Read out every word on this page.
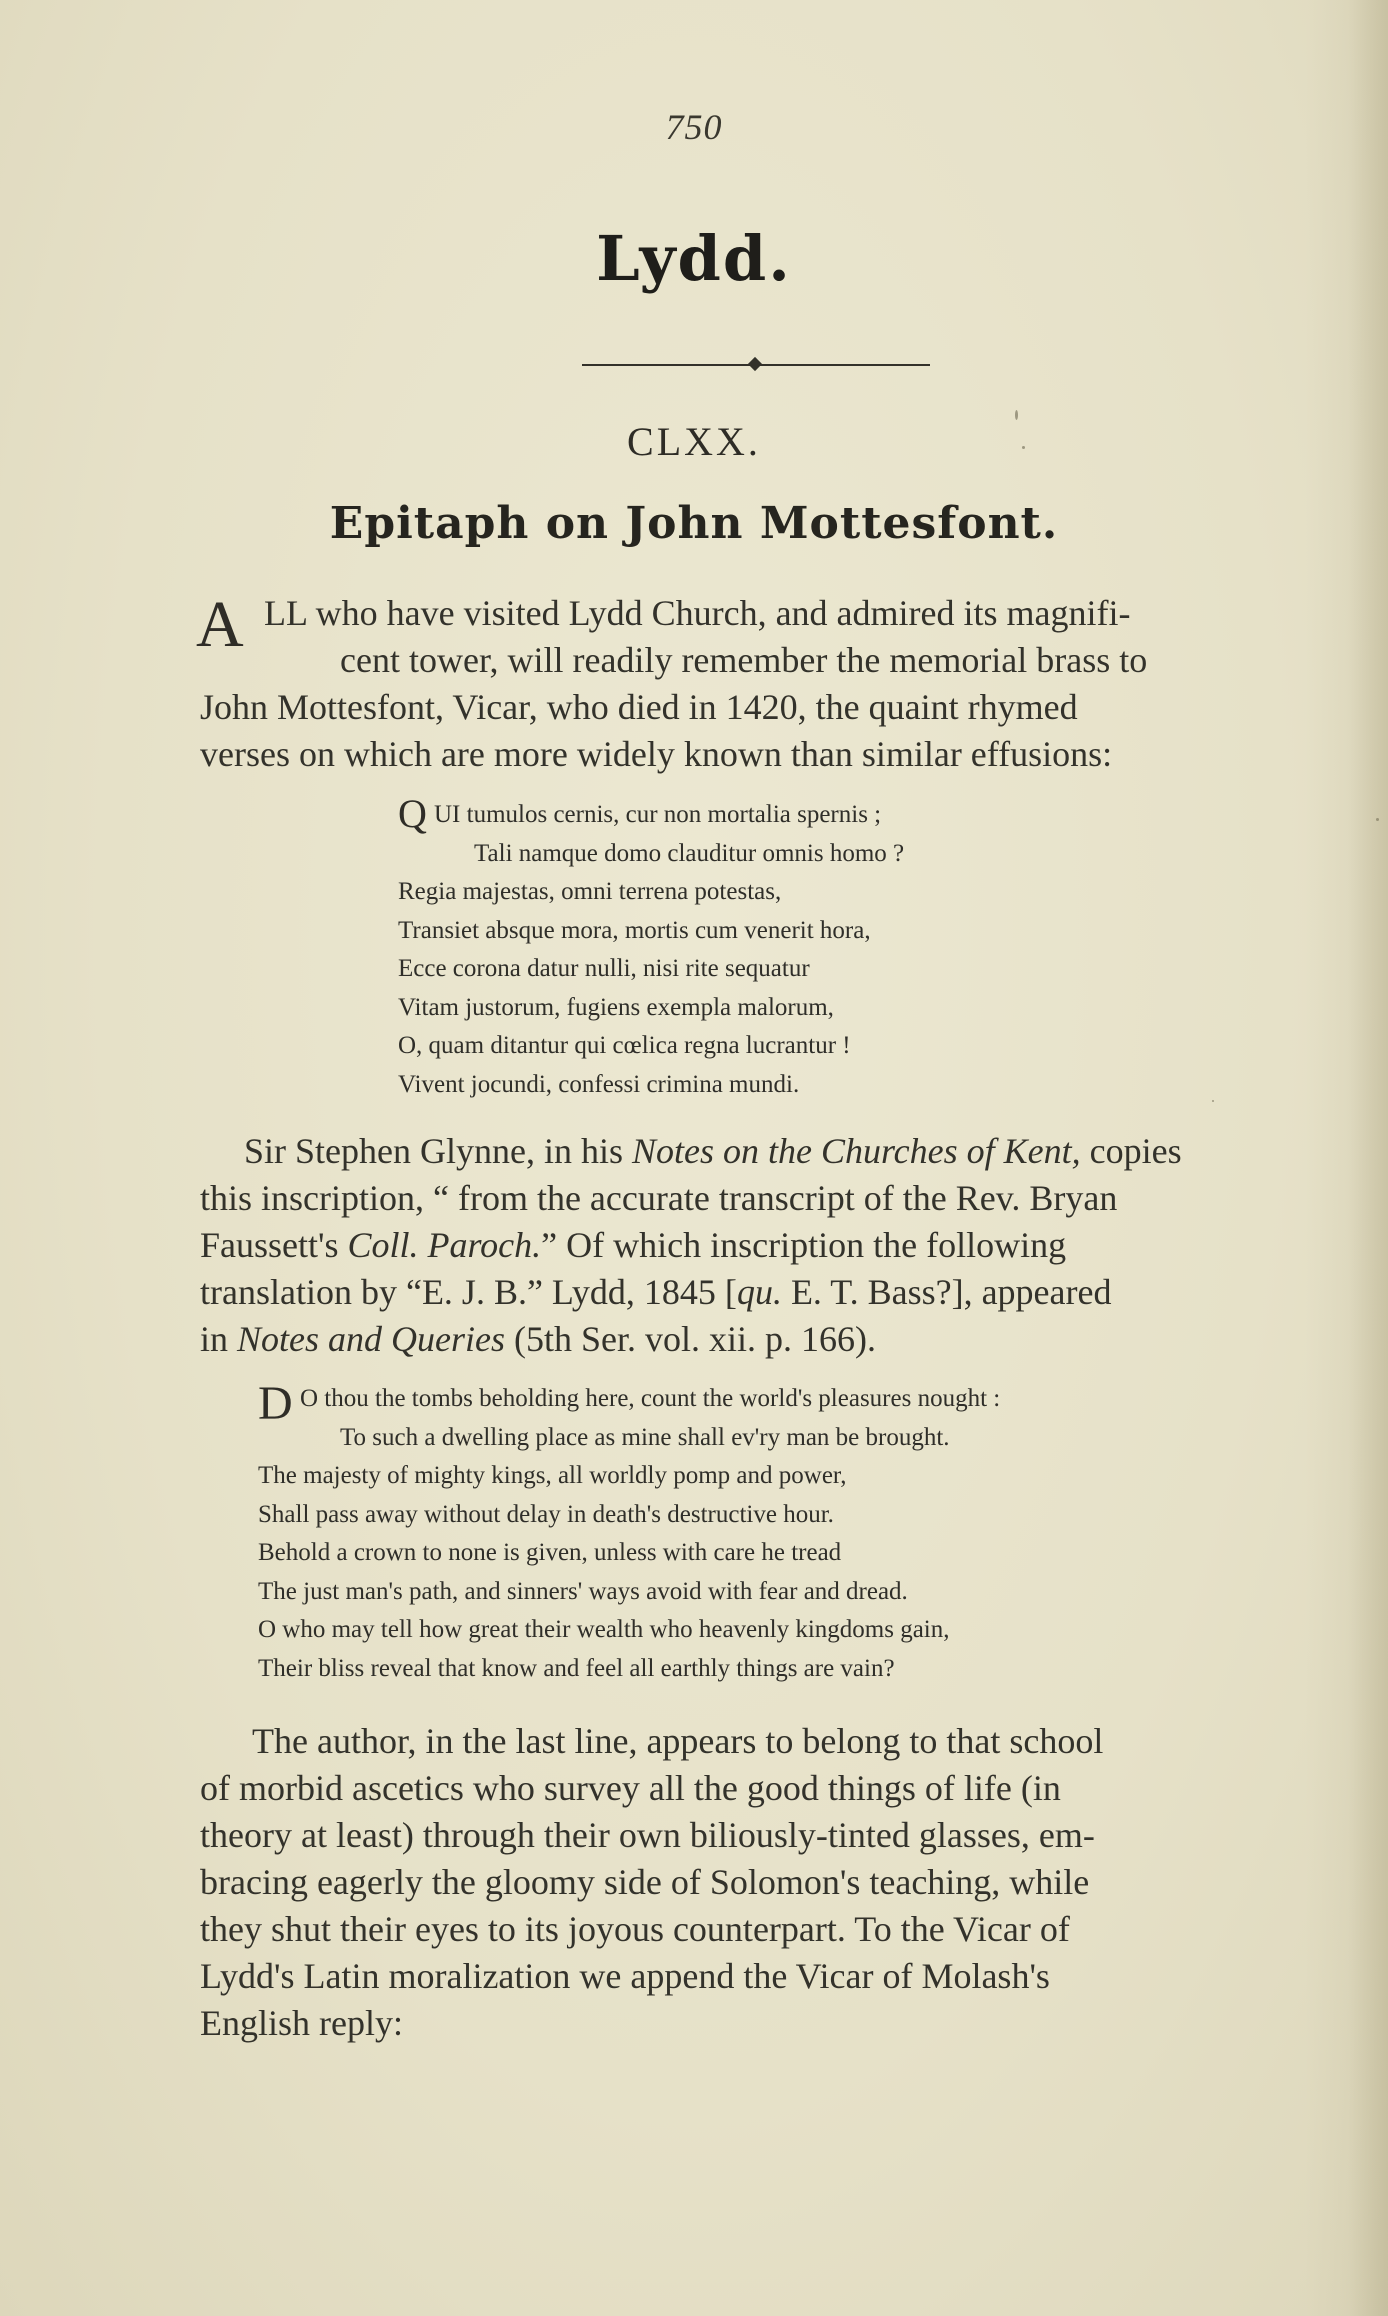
750
Lydd.
CLXX.
Epitaph on John Mottesfont.
A LL who have visited Lydd Church, and admired its magnifi-
cent tower, will readily remember the memorial brass to
John Mottesfont, Vicar, who died in 1420, the quaint rhymed
verses on which are more widely known than similar effusions:
Q UI tumulos cernis, cur non mortalia spernis ;
Tali namque domo clauditur omnis homo ?
Regia majestas, omni terrena potestas,
Transiet absque mora, mortis cum venerit hora,
Ecce corona datur nulli, nisi rite sequatur
Vitam justorum, fugiens exempla malorum,
O, quam ditantur qui cœlica regna lucrantur !
Vivent jocundi, confessi crimina mundi.
Sir Stephen Glynne, in his Notes on the Churches of Kent, copies
this inscription, “ from the accurate transcript of the Rev. Bryan
Faussett's Coll. Paroch.” Of which inscription the following
translation by “E. J. B.” Lydd, 1845 [qu. E. T. Bass?], appeared
in Notes and Queries (5th Ser. vol. xii. p. 166).
D O thou the tombs beholding here, count the world's pleasures nought :
To such a dwelling place as mine shall ev'ry man be brought.
The majesty of mighty kings, all worldly pomp and power,
Shall pass away without delay in death's destructive hour.
Behold a crown to none is given, unless with care he tread
The just man's path, and sinners' ways avoid with fear and dread.
O who may tell how great their wealth who heavenly kingdoms gain,
Their bliss reveal that know and feel all earthly things are vain?
The author, in the last line, appears to belong to that school
of morbid ascetics who survey all the good things of life (in
theory at least) through their own biliously-tinted glasses, em-
bracing eagerly the gloomy side of Solomon's teaching, while
they shut their eyes to its joyous counterpart. To the Vicar of
Lydd's Latin moralization we append the Vicar of Molash's
English reply:
